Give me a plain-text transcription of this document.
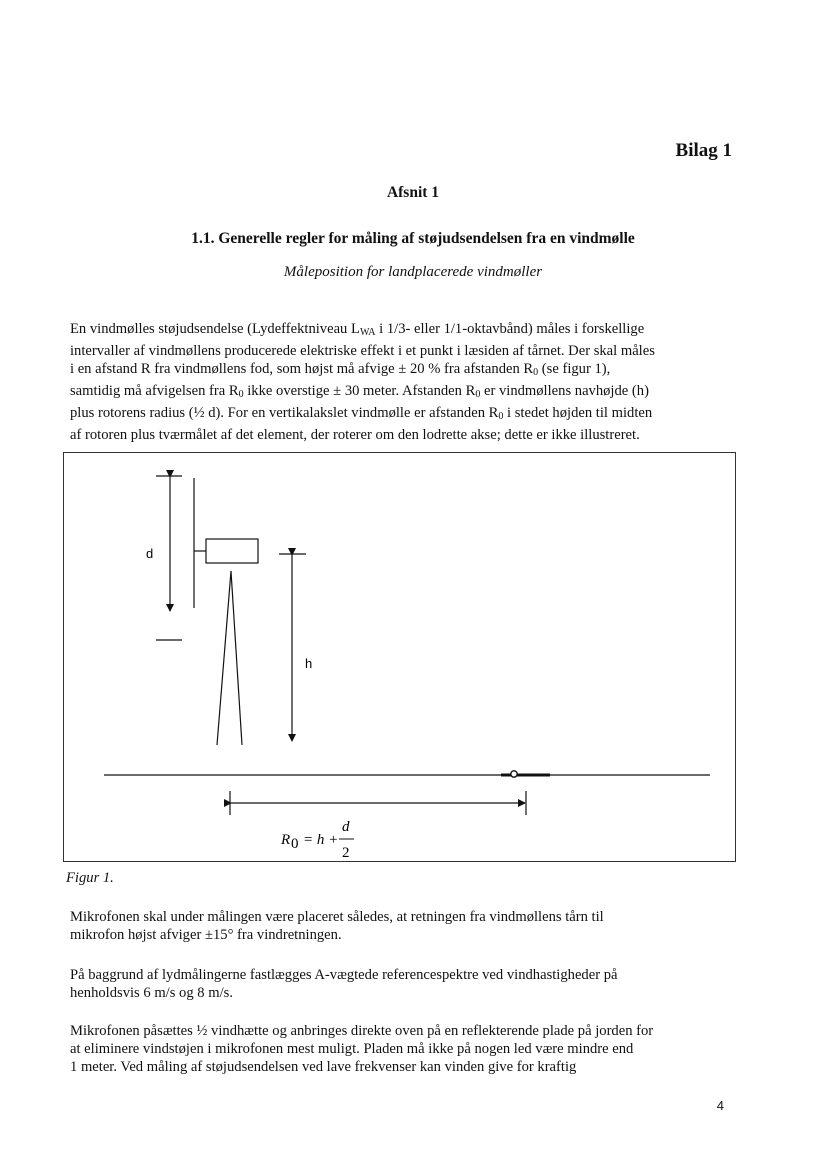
Bilag 1
Afsnit 1
1.1. Generelle regler for måling af støjudsendelsen fra en vindmølle
Måleposition for landplacerede vindmøller
En vindmølles støjudsendelse (Lydeffektniveau $L_{WA}$ i 1/3- eller 1/1-oktavbånd) måles i forskellige
intervaller af vindmøllens producerede elektriske effekt i et punkt i læsiden af tårnet. Der skal måles
i en afstand R fra vindmøllens fod, som højst må afvige ± 20 % fra afstanden $R_0$ (se figur 1),
samtidig må afvigelsen fra $R_0$ ikke overstige ± 30 meter. Afstanden $R_0$ er vindmøllens navhøjde (h)
plus rotorens radius (½ d). For en vertikalakslet vindmølle er afstanden $R_0$ i stedet højden til midten
af rotoren plus tværmålet af det element, der roterer om den lodrette akse; dette er ikke illustreret.
d
h
R 0 = h +
d
2
Figur 1.
Mikrofonen skal under målingen være placeret således, at retningen fra vindmøllens tårn til
mikrofon højst afviger ±15° fra vindretningen.
På baggrund af lydmålingerne fastlægges A-vægtede referencespektre ved vindhastigheder på
henholdsvis 6 m/s og 8 m/s.
Mikrofonen påsættes ½ vindhætte og anbringes direkte oven på en reflekterende plade på jorden for
at eliminere vindstøjen i mikrofonen mest muligt. Pladen må ikke på nogen led være mindre end
1 meter. Ved måling af støjudsendelsen ved lave frekvenser kan vinden give for kraftig
4
